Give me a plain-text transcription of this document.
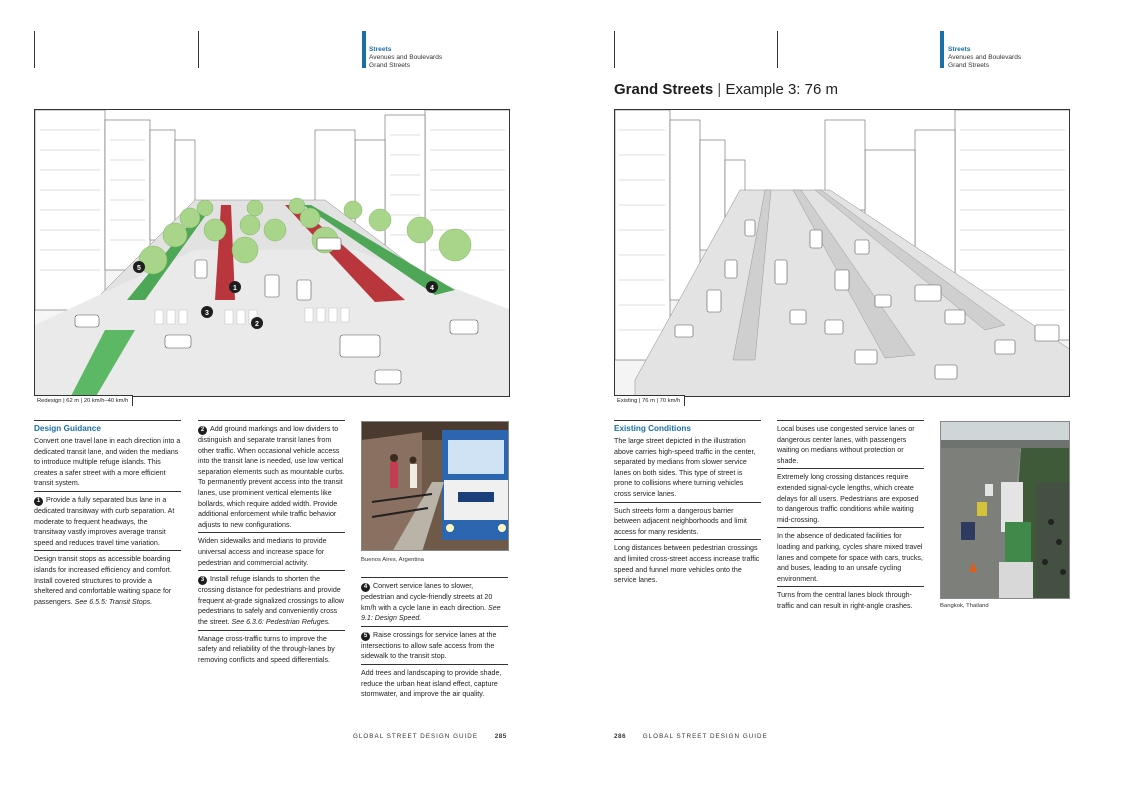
Streets
Avenues and Boulevards
Grand Streets
1
2
3
4
5
Redesign | 62 m | 20 km/h–40 km/h
Design Guidance

Convert one travel lane in each direction into a dedicated transit lane, and widen the medians to introduce multiple refuge islands. This creates a safer street with a more efficient transit system.

1 Provide a fully separated bus lane in a dedicated transitway with curb separation. At moderate to frequent headways, the transitway vastly improves average transit speed and reduces travel time variation.

Design transit stops as accessible boarding islands for increased efficiency and comfort. Install covered structures to provide a sheltered and comfortable waiting space for passengers. See 6.5.5: Transit Stops.

2 Add ground markings and low dividers to distinguish and separate transit lanes from other traffic. When occasional vehicle access into the transit lane is needed, use low vertical separation elements such as mountable curbs. To permanently prevent access into the transit lanes, use prominent vertical elements like bollards, which require added width. Provide additional enforcement while traffic behavior adjusts to new configurations.

Widen sidewalks and medians to provide universal access and increase space for pedestrian and commercial activity.

3 Install refuge islands to shorten the crossing distance for pedestrians and provide frequent at-grade signalized crossings to allow pedestrians to safely and conveniently cross the street. See 6.3.6: Pedestrian Refuges.

Manage cross-traffic turns to improve the safety and reliability of the through-lanes by removing conflicts and speed differentials.

Buenos Aires, Argentina

4 Convert service lanes to slower, pedestrian and cycle-friendly streets at 20 km/h with a cycle lane in each direction. See 9.1: Design Speed.

5 Raise crossings for service lanes at the intersections to allow safe access from the sidewalk to the transit stop.

Add trees and landscaping to provide shade, reduce the urban heat island effect, capture stormwater, and improve the air quality.

GLOBAL STREET DESIGN GUIDE	285
Streets
Avenues and Boulevards
Grand Streets
Grand Streets | Example 3: 76 m
Existing | 76 m | 70 km/h
Existing Conditions

The large street depicted in the illustration above carries high-speed traffic in the center, separated by medians from slower service lanes on both sides. This type of street is prone to collisions where turning vehicles cross service lanes.

Such streets form a dangerous barrier between adjacent neighborhoods and limit access for many residents.

Long distances between pedestrian crossings and limited cross-street access increase traffic speed and funnel more vehicles onto the service lanes.

Local buses use congested service lanes or dangerous center lanes, with passengers waiting on medians without protection or shade.

Extremely long crossing distances require extended signal-cycle lengths, which create delays for all users. Pedestrians are exposed to dangerous traffic conditions while waiting mid-crossing.

In the absence of dedicated facilities for loading and parking, cycles share mixed travel lanes and compete for space with cars, trucks, and buses, leading to an unsafe cycling environment.

Turns from the central lanes block through-traffic and can result in right-angle crashes.	Bangkok, Thailand
286	GLOBAL STREET DESIGN GUIDE
